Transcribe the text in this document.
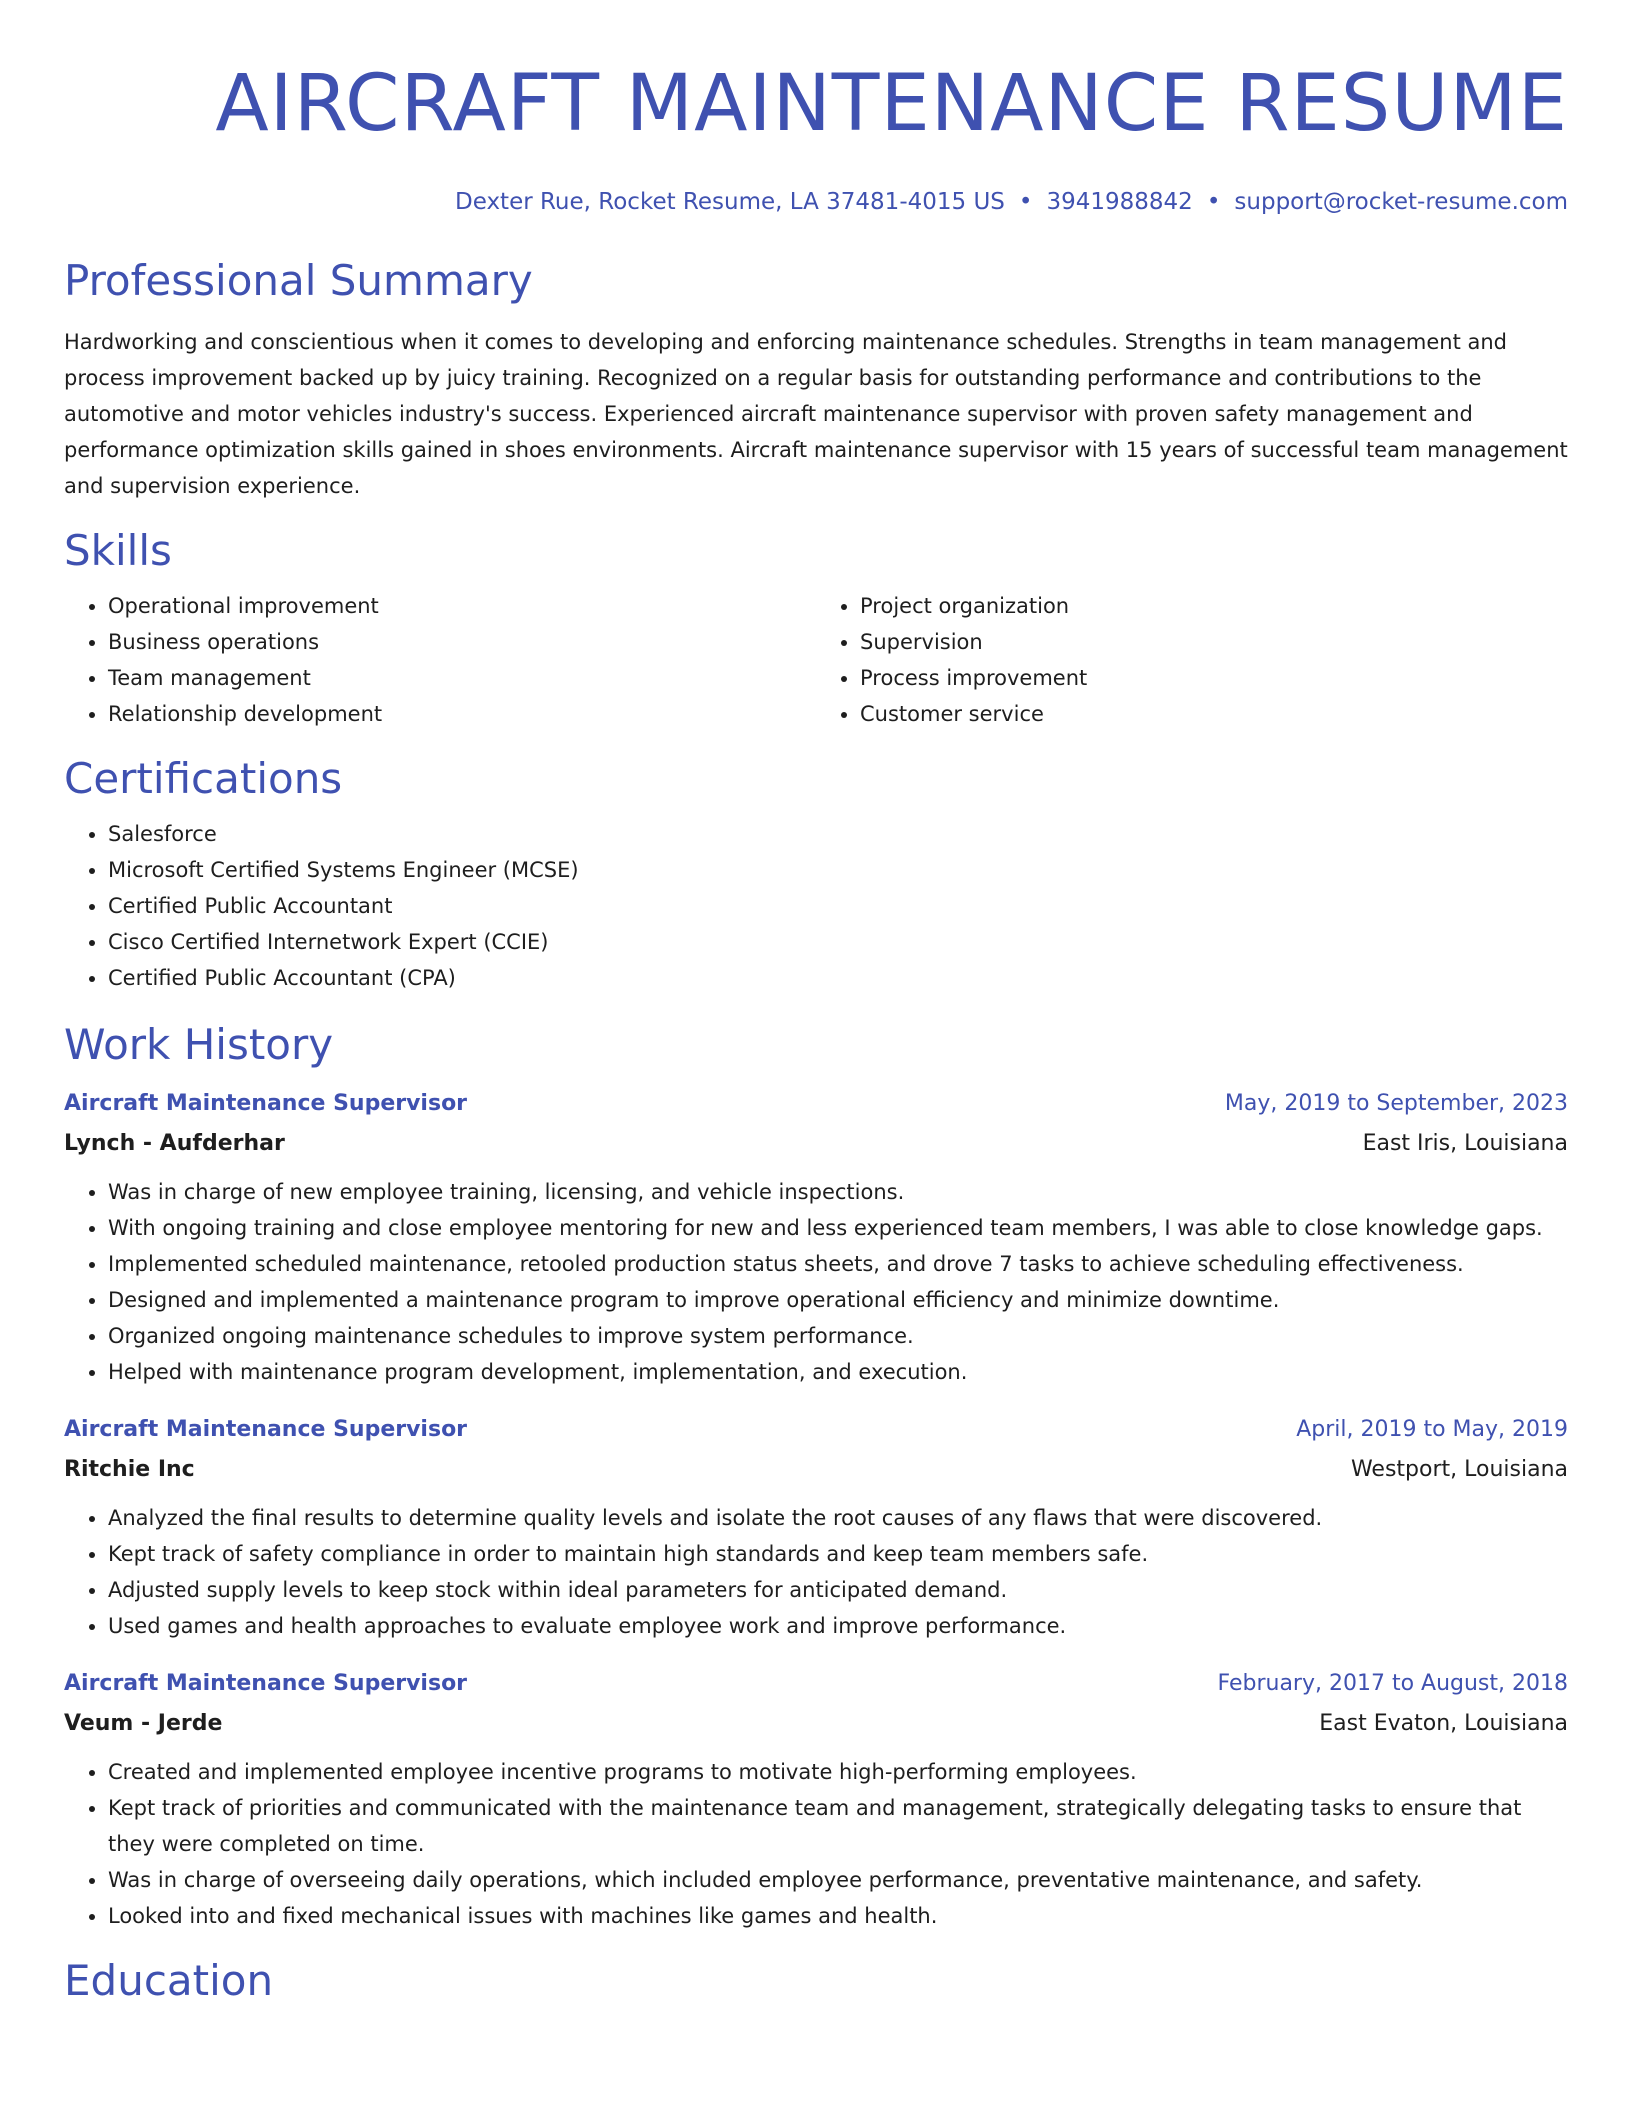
AIRCRAFT MAINTENANCE RESUME
Dexter Rue, Rocket Resume, LA 37481-4015 US • 3941988842 • support@rocket-resume.com
Professional Summary

Hardworking and conscientious when it comes to developing and enforcing maintenance schedules. Strengths in team management and process improvement backed up by juicy training. Recognized on a regular basis for outstanding performance and contributions to the automotive and motor vehicles industry's success. Experienced aircraft maintenance supervisor with proven safety management and performance optimization skills gained in shoes environments. Aircraft maintenance supervisor with 15 years of successful team management and supervision experience.

Skills
• Operational improvement
• Business operations
• Team management
• Relationship development
• Project organization
• Supervision
• Process improvement
• Customer service
Certifications
• Salesforce
• Microsoft Certified Systems Engineer (MCSE)
• Certified Public Accountant
• Cisco Certified Internetwork Expert (CCIE)
• Certified Public Accountant (CPA)
Work History
Aircraft Maintenance Supervisor	May, 2019 to September, 2023
Lynch - Aufderhar	East Iris, Louisiana
• Was in charge of new employee training, licensing, and vehicle inspections.
• With ongoing training and close employee mentoring for new and less experienced team members, I was able to close knowledge gaps.
• Implemented scheduled maintenance, retooled production status sheets, and drove 7 tasks to achieve scheduling effectiveness.
• Designed and implemented a maintenance program to improve operational efficiency and minimize downtime.
• Organized ongoing maintenance schedules to improve system performance.
• Helped with maintenance program development, implementation, and execution.
Aircraft Maintenance Supervisor	April, 2019 to May, 2019
Ritchie Inc	Westport, Louisiana
• Analyzed the final results to determine quality levels and isolate the root causes of any flaws that were discovered.
• Kept track of safety compliance in order to maintain high standards and keep team members safe.
• Adjusted supply levels to keep stock within ideal parameters for anticipated demand.
• Used games and health approaches to evaluate employee work and improve performance.
Aircraft Maintenance Supervisor	February, 2017 to August, 2018
Veum - Jerde	East Evaton, Louisiana
• Created and implemented employee incentive programs to motivate high-performing employees.
• Kept track of priorities and communicated with the maintenance team and management, strategically delegating tasks to ensure that they were completed on time.
• Was in charge of overseeing daily operations, which included employee performance, preventative maintenance, and safety.
• Looked into and fixed mechanical issues with machines like games and health.
Education
